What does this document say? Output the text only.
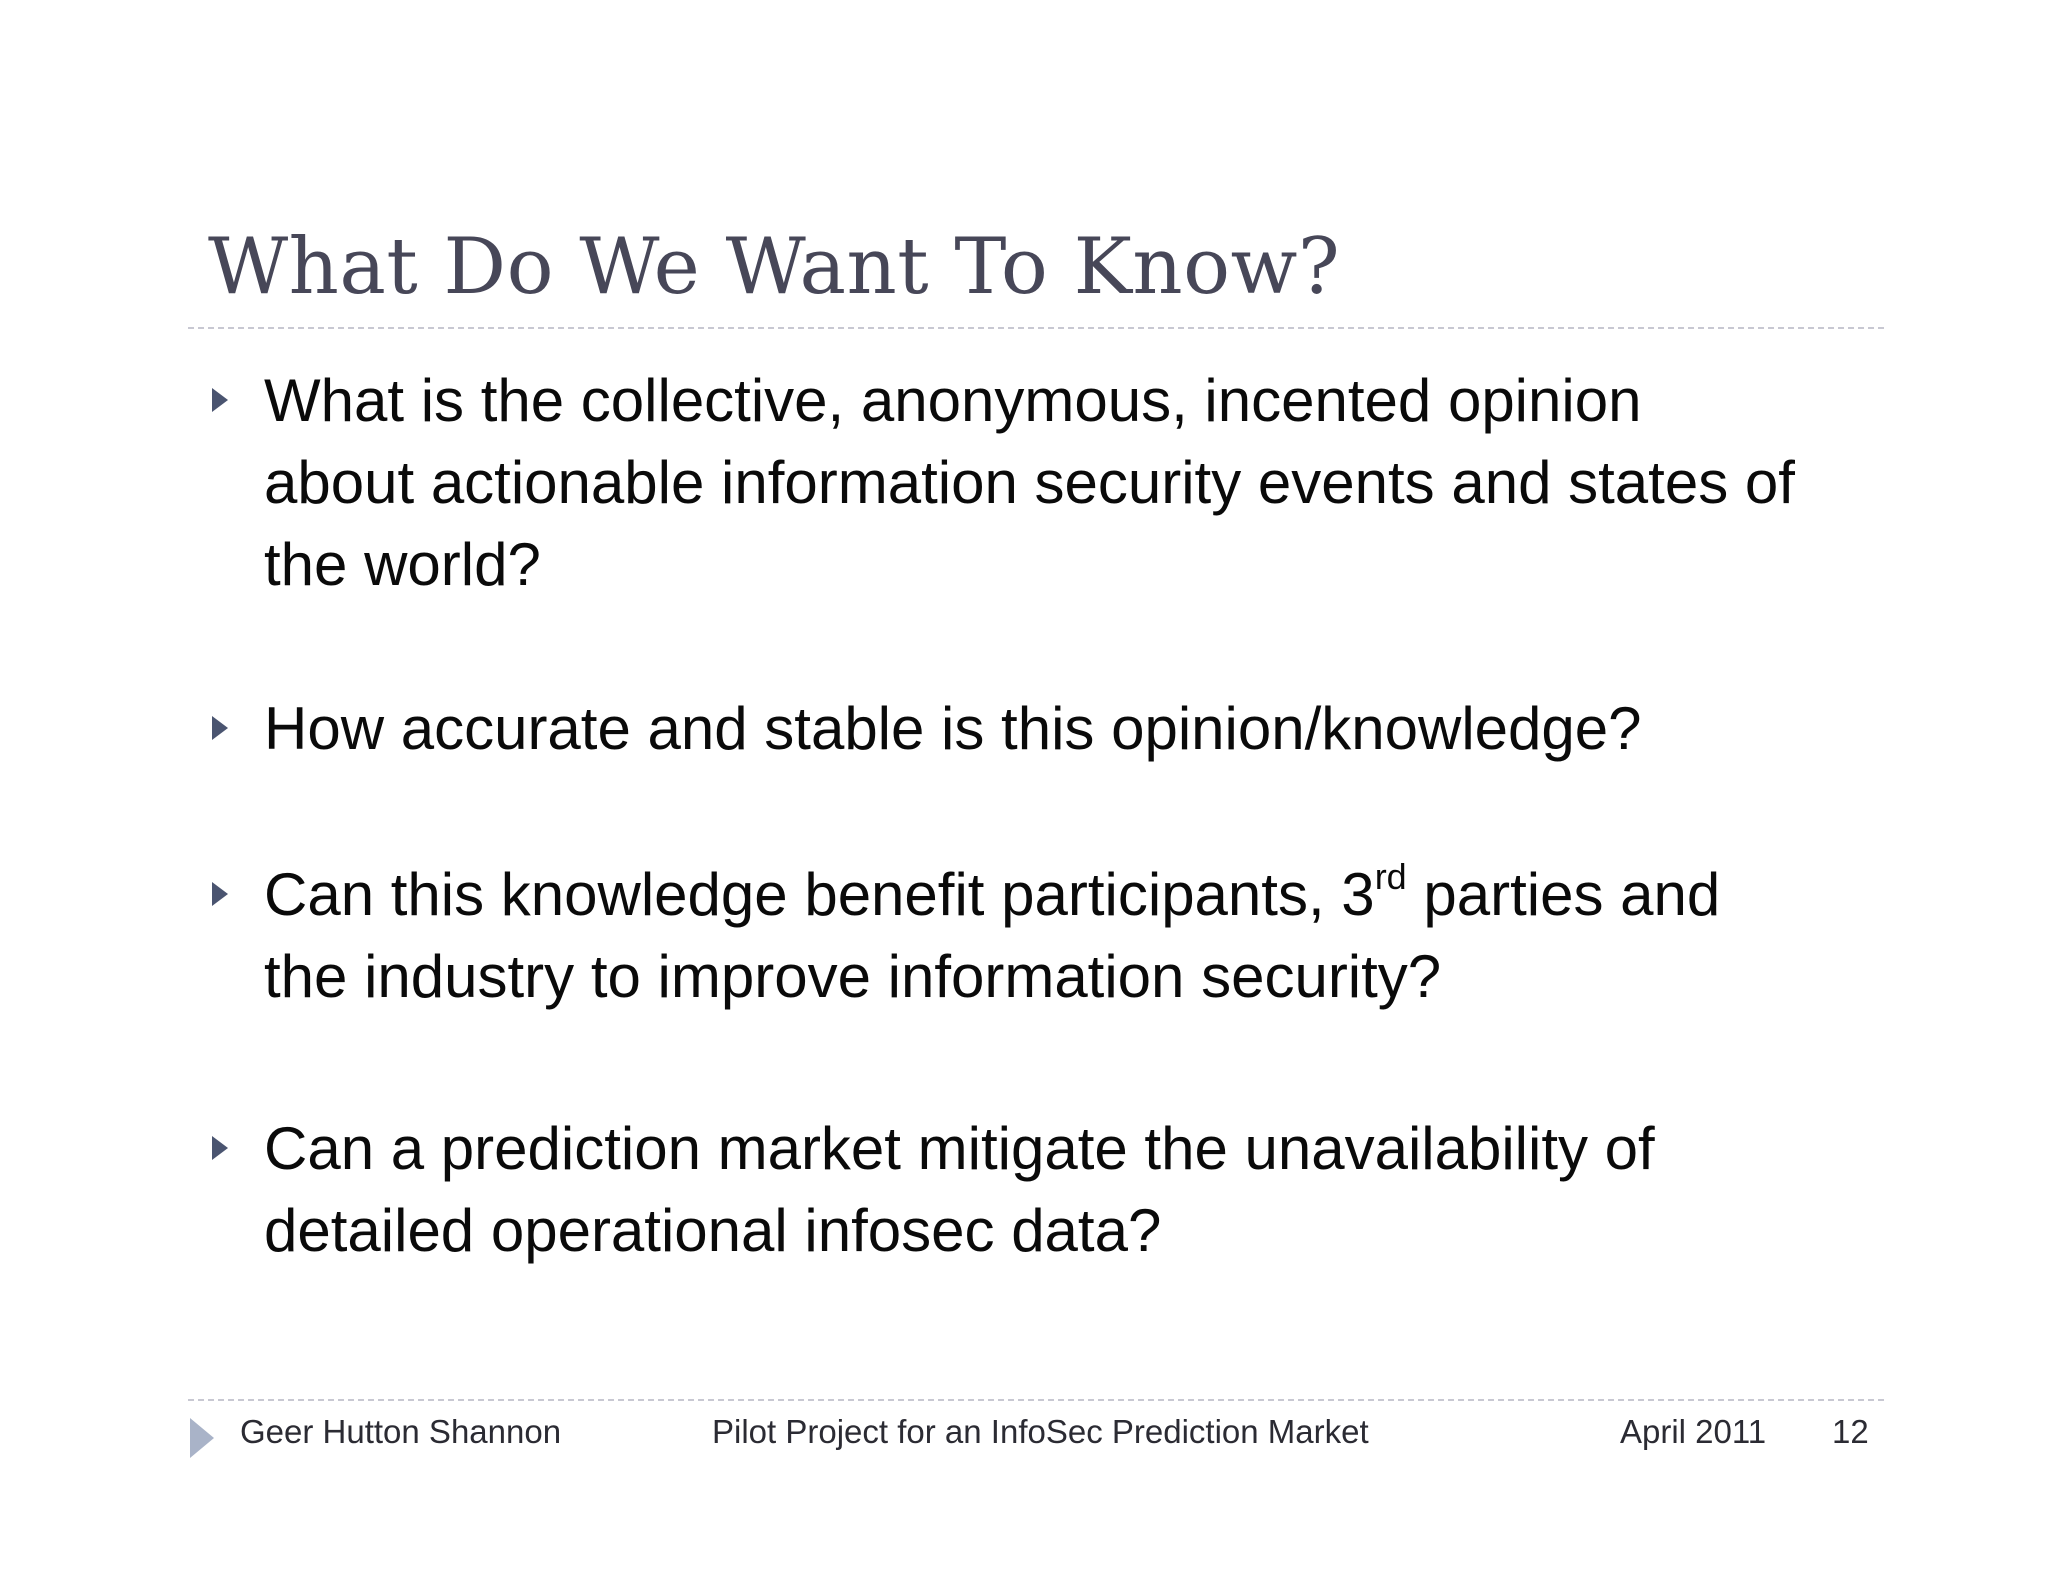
What Do We Want To Know?
What is the collective, anonymous, incented opinion
about actionable information security events and states of
the world?
How accurate and stable is this opinion/knowledge?
Can this knowledge benefit participants, 3rd parties and
the industry to improve information security?
Can a prediction market mitigate the unavailability of
detailed operational infosec data?
Geer Hutton Shannon	Pilot Project for an InfoSec Prediction Market	April 2011 12
